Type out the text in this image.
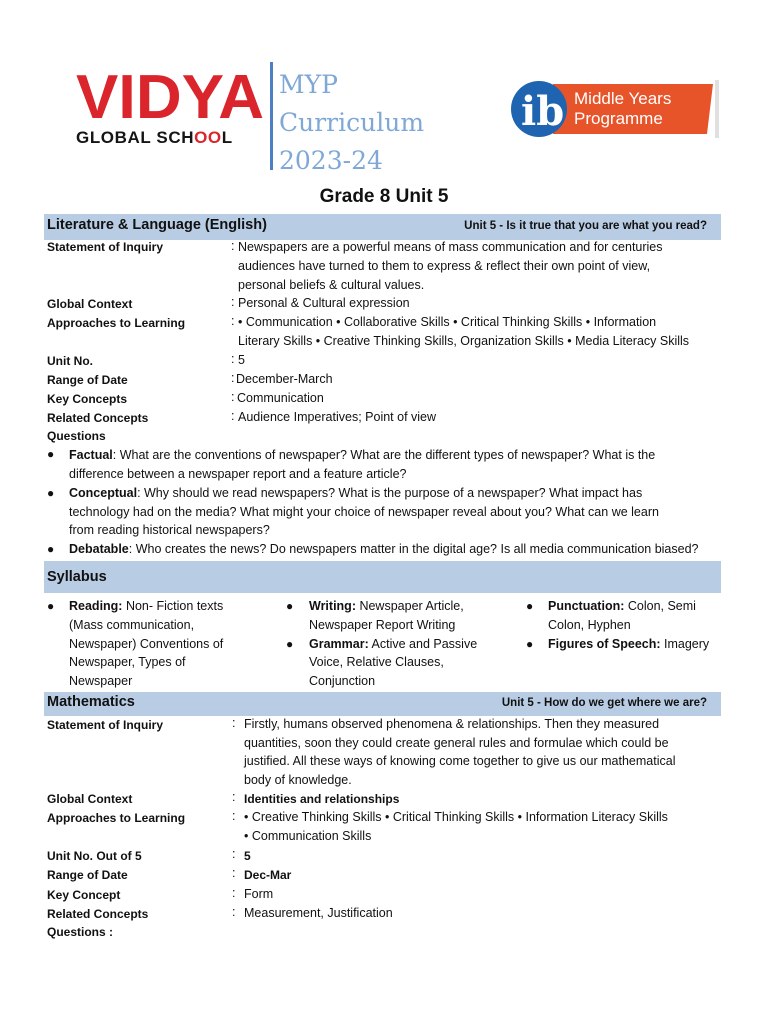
VIDYA
GLOBAL SCHOOL
MYP
Curriculum
2023-24
ib Middle Years
Programme
Grade 8 Unit 5
Literature & Language (English)	Unit 5 - Is it true that you are what you read?
Statement of Inquiry	: Newspapers are a powerful means of mass communication and for centuries
audiences have turned to them to express & reflect their own point of view,
personal beliefs & cultural values.
Global Context	: Personal & Cultural expression
Approaches to Learning	: • Communication • Collaborative Skills • Critical Thinking Skills • Information
Literary Skills • Creative Thinking Skills, Organization Skills • Media Literacy Skills
Unit No.	: 5
Range of Date	: December-March
Key Concepts	: Communication
Related Concepts	: Audience Imperatives; Point of view
Questions
● Factual: What are the conventions of newspaper? What are the different types of newspaper? What is the
difference between a newspaper report and a feature article?
● Conceptual: Why should we read newspapers? What is the purpose of a newspaper? What impact has
technology had on the media? What might your choice of newspaper reveal about you? What can we learn
from reading historical newspapers?
● Debatable: Who creates the news? Do newspapers matter in the digital age? Is all media communication biased?
Syllabus
● Reading: Non- Fiction texts
(Mass communication,
Newspaper) Conventions of
Newspaper, Types of
Newspaper
● Writing: Newspaper Article,
Newspaper Report Writing
● Grammar: Active and Passive
Voice, Relative Clauses,
Conjunction
● Punctuation: Colon, Semi
Colon, Hyphen
● Figures of Speech: Imagery
Mathematics	Unit 5 - How do we get where we are?
Statement of Inquiry	: Firstly, humans observed phenomena & relationships. Then they measured
quantities, soon they could create general rules and formulae which could be
justified. All these ways of knowing come together to give us our mathematical
body of knowledge.
Global Context	: Identities and relationships
Approaches to Learning	: • Creative Thinking Skills • Critical Thinking Skills • Information Literacy Skills
• Communication Skills
Unit No. Out of 5	: 5
Range of Date	: Dec-Mar
Key Concept	: Form
Related Concepts	: Measurement, Justification
Questions :
